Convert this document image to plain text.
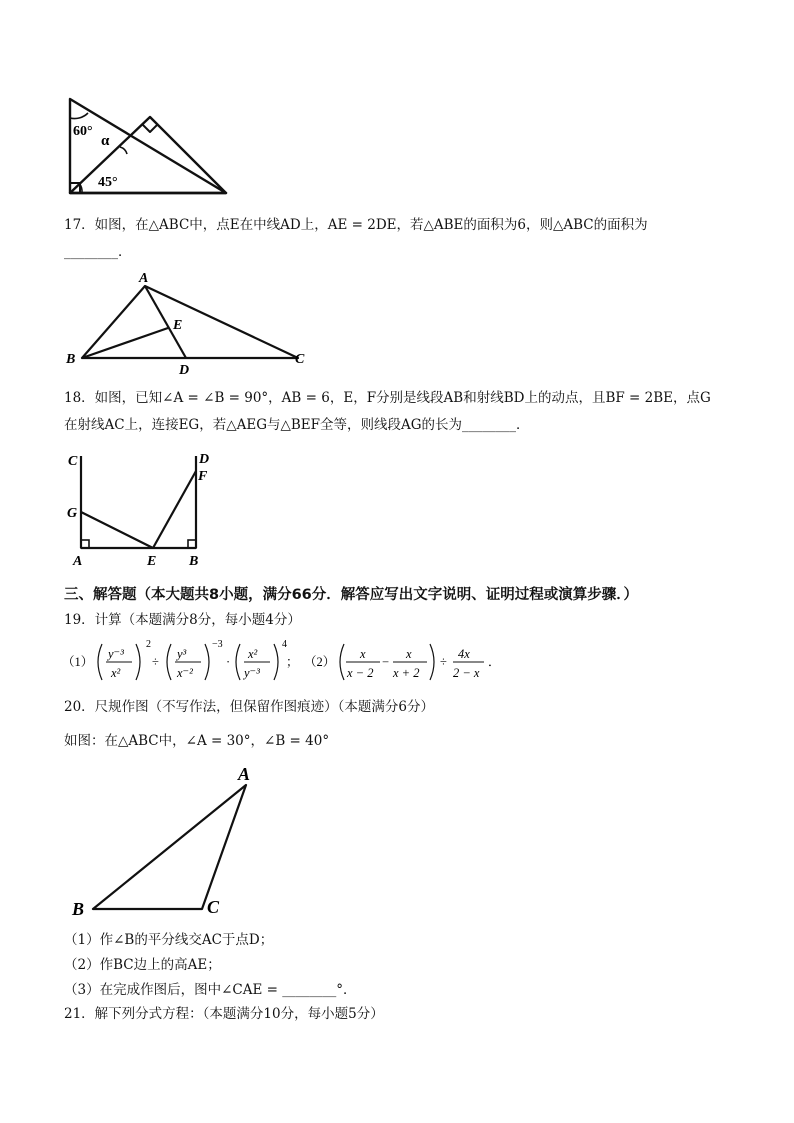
60°
α
45°
17．如图，在△ABC中，点E在中线AD上，AE = 2DE，若△ABE的面积为6，则△ABC的面积为
________．
A
B	C
D
E
18．如图，已知∠A = ∠B = 90°，AB = 6，E，F分别是线段AB和射线BD上的动点，且BF = 2BE，点G
在射线AC上，连接EG，若△AEG与△BEF全等，则线段AG的长为________．
C	D
F
G
A	E B
三、解答题（本大题共8小题，满分66分．解答应写出文字说明、证明过程或演算步骤．）
19．计算（本题满分8分，每小题4分）
（1）
y⁻³
x²
2
÷
y³
x⁻²
−3
·
x²
y⁻³
4
； （2）
x
x − 2
−
x
x + 2
÷
4x
2 − x
．
20．尺规作图（不写作法，但保留作图痕迹）（本题满分6分）
如图：在△ABC中，∠A = 30°，∠B = 40°
A
B	C
（1）作∠B的平分线交AC于点D；
（2）作BC边上的高AE；
（3）在完成作图后，图中∠CAE = ________°．
21．解下列分式方程：（本题满分10分，每小题5分）
